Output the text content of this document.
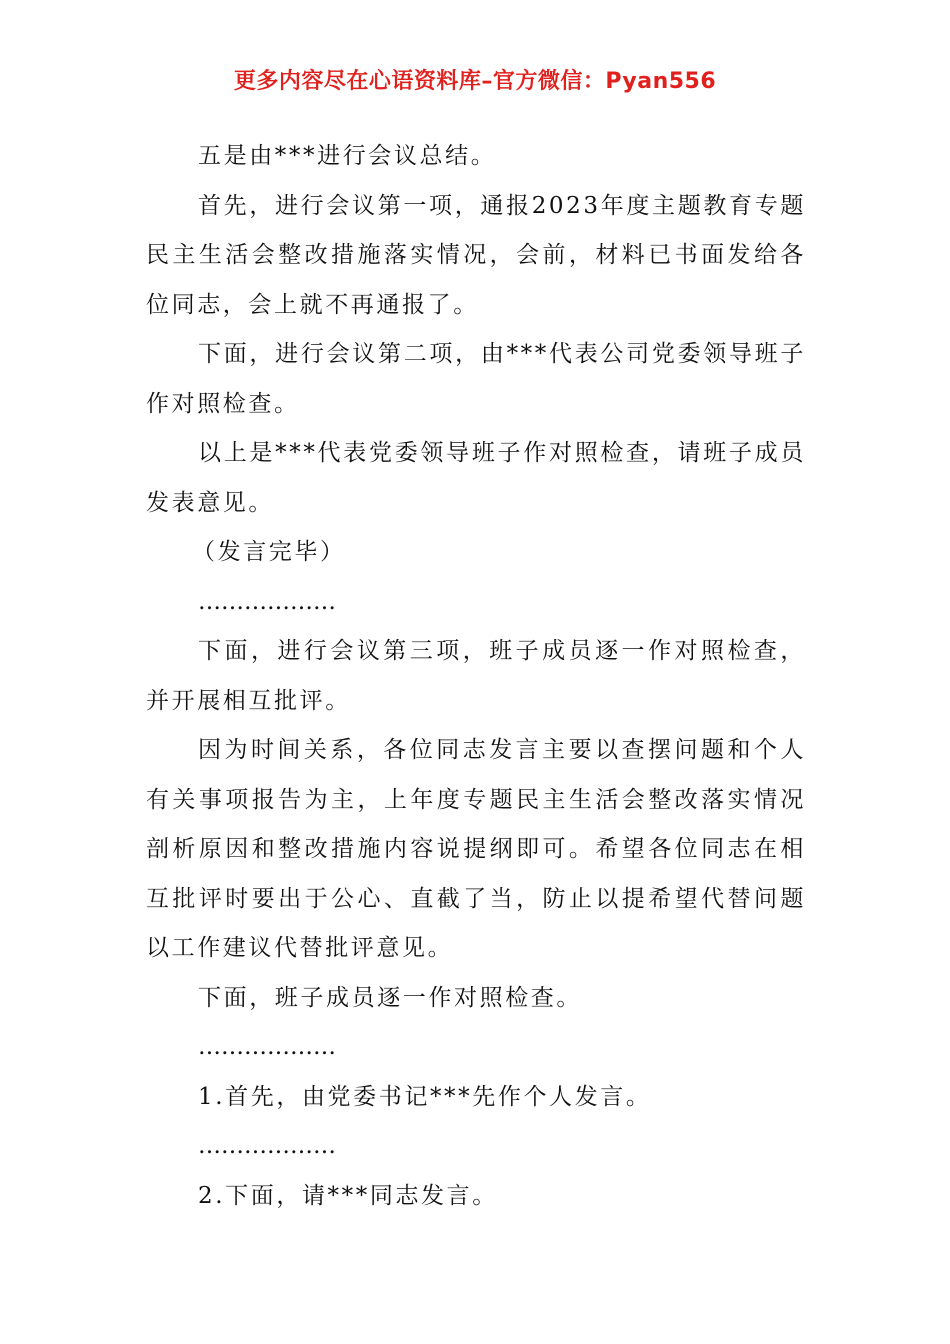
更多内容尽在心语资料库–官方微信：Pyan556

五是由***进行会议总结。

首先，进行会议第一项，通报2023年度主题教育专题民主生活会整改措施落实情况，会前，材料已书面发给各位同志，会上就不再通报了。

下面，进行会议第二项，由***代表公司党委领导班子作对照检查。

以上是***代表党委领导班子作对照检查，请班子成员发表意见。

（发言完毕）

………………

下面，进行会议第三项，班子成员逐一作对照检查，并开展相互批评。

因为时间关系，各位同志发言主要以查摆问题和个人有关事项报告为主，上年度专题民主生活会整改落实情况剖析原因和整改措施内容说提纲即可。希望各位同志在相互批评时要出于公心、直截了当，防止以提希望代替问题以工作建议代替批评意见。

下面，班子成员逐一作对照检查。

………………

1.首先，由党委书记***先作个人发言。

………………

2.下面，请***同志发言。
